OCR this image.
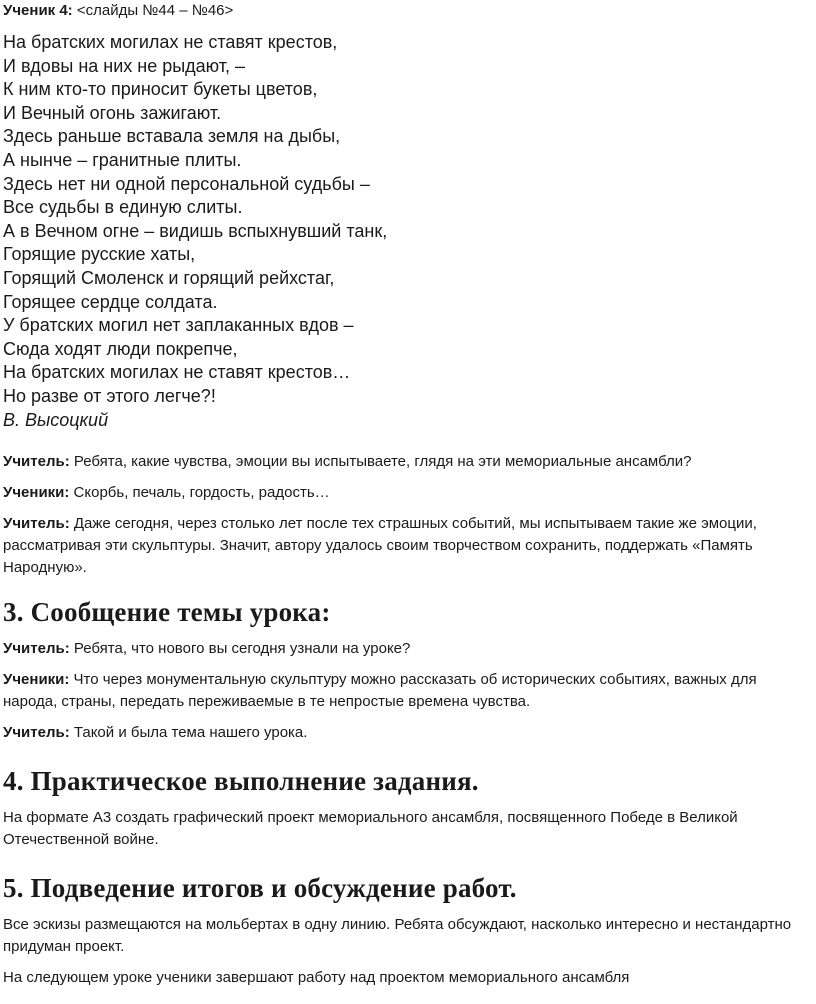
Ученик 4: <слайды №44 – №46>

На братских могилах не ставят крестов,
И вдовы на них не рыдают, –
К ним кто-то приносит букеты цветов,
И Вечный огонь зажигают.
Здесь раньше вставала земля на дыбы,
А нынче – гранитные плиты.
Здесь нет ни одной персональной судьбы –
Все судьбы в единую слиты.
А в Вечном огне – видишь вспыхнувший танк,
Горящие русские хаты,
Горящий Смоленск и горящий рейхстаг,
Горящее сердце солдата.
У братских могил нет заплаканных вдов –
Сюда ходят люди покрепче,
На братских могилах не ставят крестов…
Но разве от этого легче?!
В. Высоцкий

Учитель: Ребята, какие чувства, эмоции вы испытываете, глядя на эти мемориальные ансамбли?

Ученики: Скорбь, печаль, гордость, радость…

Учитель: Даже сегодня, через столько лет после тех страшных событий, мы испытываем такие же эмоции, рассматривая эти скульптуры. Значит, автору удалось своим творчеством сохранить, поддержать «Память Народную».

3. Сообщение темы урока:

Учитель: Ребята, что нового вы сегодня узнали на уроке?

Ученики: Что через монументальную скульптуру можно рассказать об исторических событиях, важных для народа, страны, передать переживаемые в те непростые времена чувства.

Учитель: Такой и была тема нашего урока.

4. Практическое выполнение задания.

На формате А3 создать графический проект мемориального ансамбля, посвященного Победе в Великой Отечественной войне.

5. Подведение итогов и обсуждение работ.

Все эскизы размещаются на мольбертах в одну линию. Ребята обсуждают, насколько интересно и нестандартно придуман проект.

На следующем уроке ученики завершают работу над проектом мемориального ансамбля
